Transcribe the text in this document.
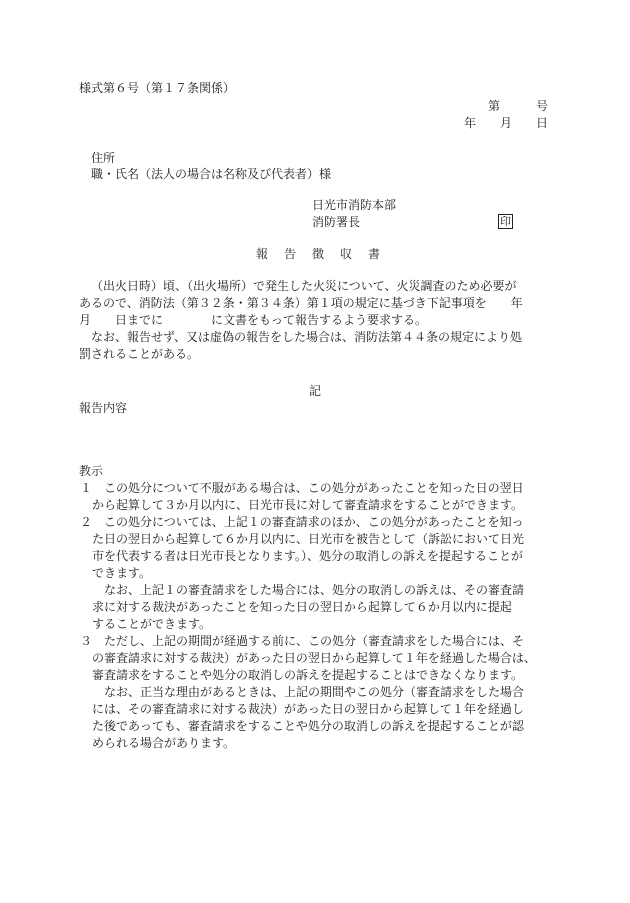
様式第６号（第１７条関係）
第　　　号
年　　月　　日
住所
職・氏名（法人の場合は名称及び代表者）様
日光市消防本部
消防署長	印
報告徴収書
（出火日時）頃、（出火場所）で発生した火災について、火災調査のため必要が
あるので、消防法（第３２条・第３４条）第１項の規定に基づき下記事項を　　年
月　　日までに　　　　に文書をもって報告するよう要求する。
なお、報告せず、又は虚偽の報告をした場合は、消防法第４４条の規定により処
罰されることがある。
記
報告内容
教示
１ この処分について不服がある場合は、この処分があったことを知った日の翌日
から起算して３か月以内に、日光市長に対して審査請求をすることができます。
２ この処分については、上記１の審査請求のほか、この処分があったことを知っ
た日の翌日から起算して６か月以内に、日光市を被告として（訴訟において日光
市を代表する者は日光市長となります。）、処分の取消しの訴えを提起することが
できます。
なお、上記１の審査請求をした場合には、処分の取消しの訴えは、その審査請
求に対する裁決があったことを知った日の翌日から起算して６か月以内に提起
することができます。
３ ただし、上記の期間が経過する前に、この処分（審査請求をした場合には、そ
の審査請求に対する裁決）があった日の翌日から起算して１年を経過した場合は、
審査請求をすることや処分の取消しの訴えを提起することはできなくなります。
なお、正当な理由があるときは、上記の期間やこの処分（審査請求をした場合
には、その審査請求に対する裁決）があった日の翌日から起算して１年を経過し
た後であっても、審査請求をすることや処分の取消しの訴えを提起することが認
められる場合があります。
